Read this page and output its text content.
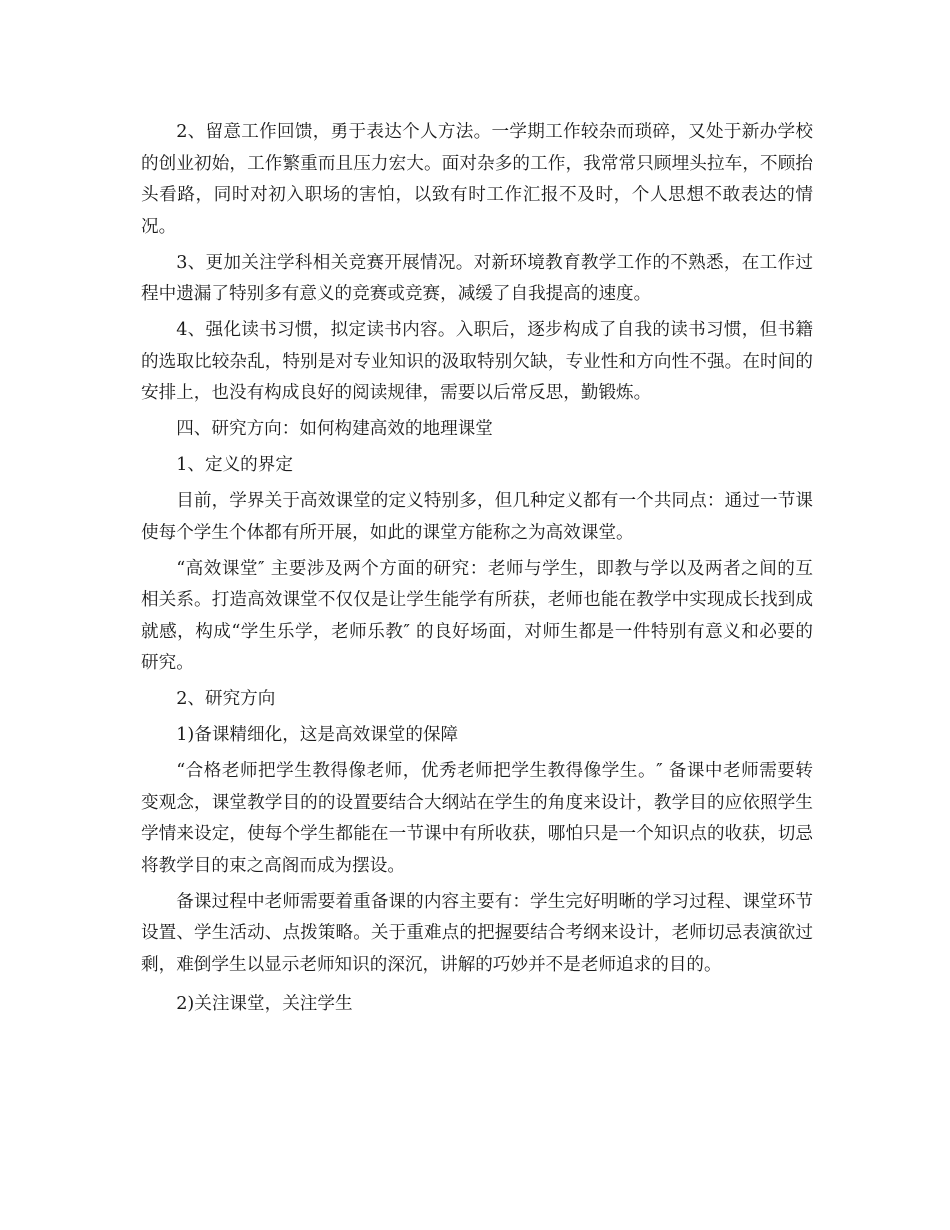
2、留意工作回馈，勇于表达个人方法。一学期工作较杂而琐碎，又处于新办学校的创业初始，工作繁重而且压力宏大。面对杂多的工作，我常常只顾埋头拉车，不顾抬头看路，同时对初入职场的害怕，以致有时工作汇报不及时，个人思想不敢表达的情况。

3、更加关注学科相关竞赛开展情况。对新环境教育教学工作的不熟悉，在工作过程中遗漏了特别多有意义的竞赛或竞赛，减缓了自我提高的速度。

4、强化读书习惯，拟定读书内容。入职后，逐步构成了自我的读书习惯，但书籍的选取比较杂乱，特别是对专业知识的汲取特别欠缺，专业性和方向性不强。在时间的安排上，也没有构成良好的阅读规律，需要以后常反思，勤锻炼。

四、研究方向：如何构建高效的地理课堂

1、定义的界定

目前，学界关于高效课堂的定义特别多，但几种定义都有一个共同点：通过一节课使每个学生个体都有所开展，如此的课堂方能称之为高效课堂。

“高效课堂″ 主要涉及两个方面的研究：老师与学生，即教与学以及两者之间的互相关系。打造高效课堂不仅仅是让学生能学有所获，老师也能在教学中实现成长找到成就感，构成“学生乐学，老师乐教″ 的良好场面，对师生都是一件特别有意义和必要的研究。

2、研究方向

1)备课精细化，这是高效课堂的保障

“合格老师把学生教得像老师，优秀老师把学生教得像学生。″ 备课中老师需要转变观念，课堂教学目的的设置要结合大纲站在学生的角度来设计，教学目的应依照学生学情来设定，使每个学生都能在一节课中有所收获，哪怕只是一个知识点的收获，切忌将教学目的束之高阁而成为摆设。

备课过程中老师需要着重备课的内容主要有：学生完好明晰的学习过程、课堂环节设置、学生活动、点拨策略。关于重难点的把握要结合考纲来设计，老师切忌表演欲过剩，难倒学生以显示老师知识的深沉，讲解的巧妙并不是老师追求的目的。

2)关注课堂，关注学生
